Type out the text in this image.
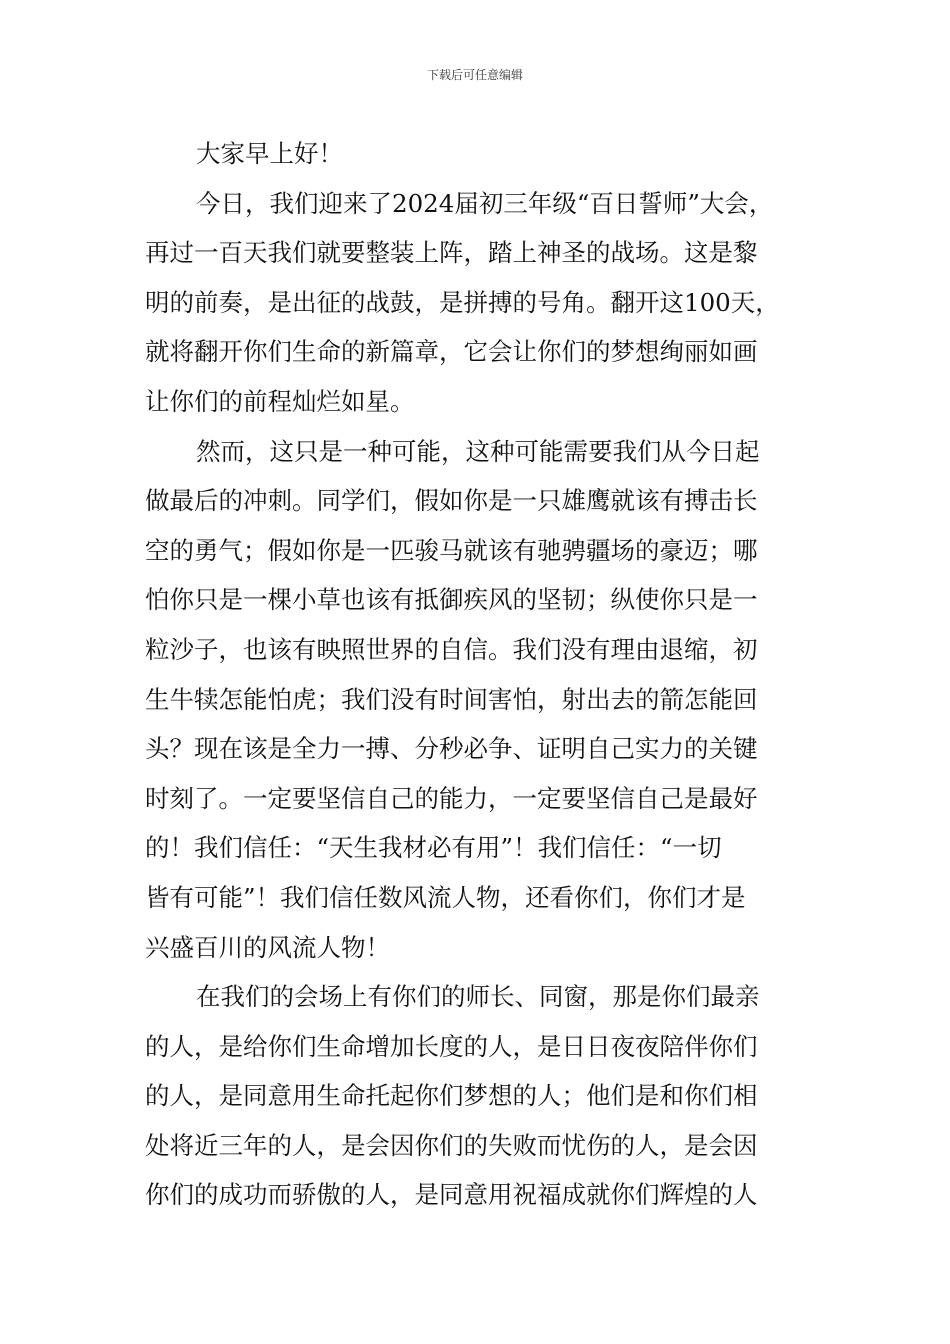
下载后可任意编辑
大家早上好！
今日，我们迎来了2024届初三年级“百日誓师”大会，
再过一百天我们就要整装上阵，踏上神圣的战场。这是黎
明的前奏，是出征的战鼓，是拼搏的号角。翻开这100天，
就将翻开你们生命的新篇章，它会让你们的梦想绚丽如画
让你们的前程灿烂如星。
然而，这只是一种可能，这种可能需要我们从今日起
做最后的冲刺。同学们，假如你是一只雄鹰就该有搏击长
空的勇气；假如你是一匹骏马就该有驰骋疆场的豪迈；哪
怕你只是一棵小草也该有抵御疾风的坚韧；纵使你只是一
粒沙子，也该有映照世界的自信。我们没有理由退缩，初
生牛犊怎能怕虎；我们没有时间害怕，射出去的箭怎能回
头？现在该是全力一搏、分秒必争、证明自己实力的关键
时刻了。一定要坚信自己的能力，一定要坚信自己是最好
的！我们信任：“天生我材必有用”！我们信任：“一切
皆有可能”！我们信任数风流人物，还看你们，你们才是
兴盛百川的风流人物！
在我们的会场上有你们的师长、同窗，那是你们最亲
的人，是给你们生命增加长度的人，是日日夜夜陪伴你们
的人，是同意用生命托起你们梦想的人；他们是和你们相
处将近三年的人，是会因你们的失败而忧伤的人，是会因
你们的成功而骄傲的人，是同意用祝福成就你们辉煌的人
